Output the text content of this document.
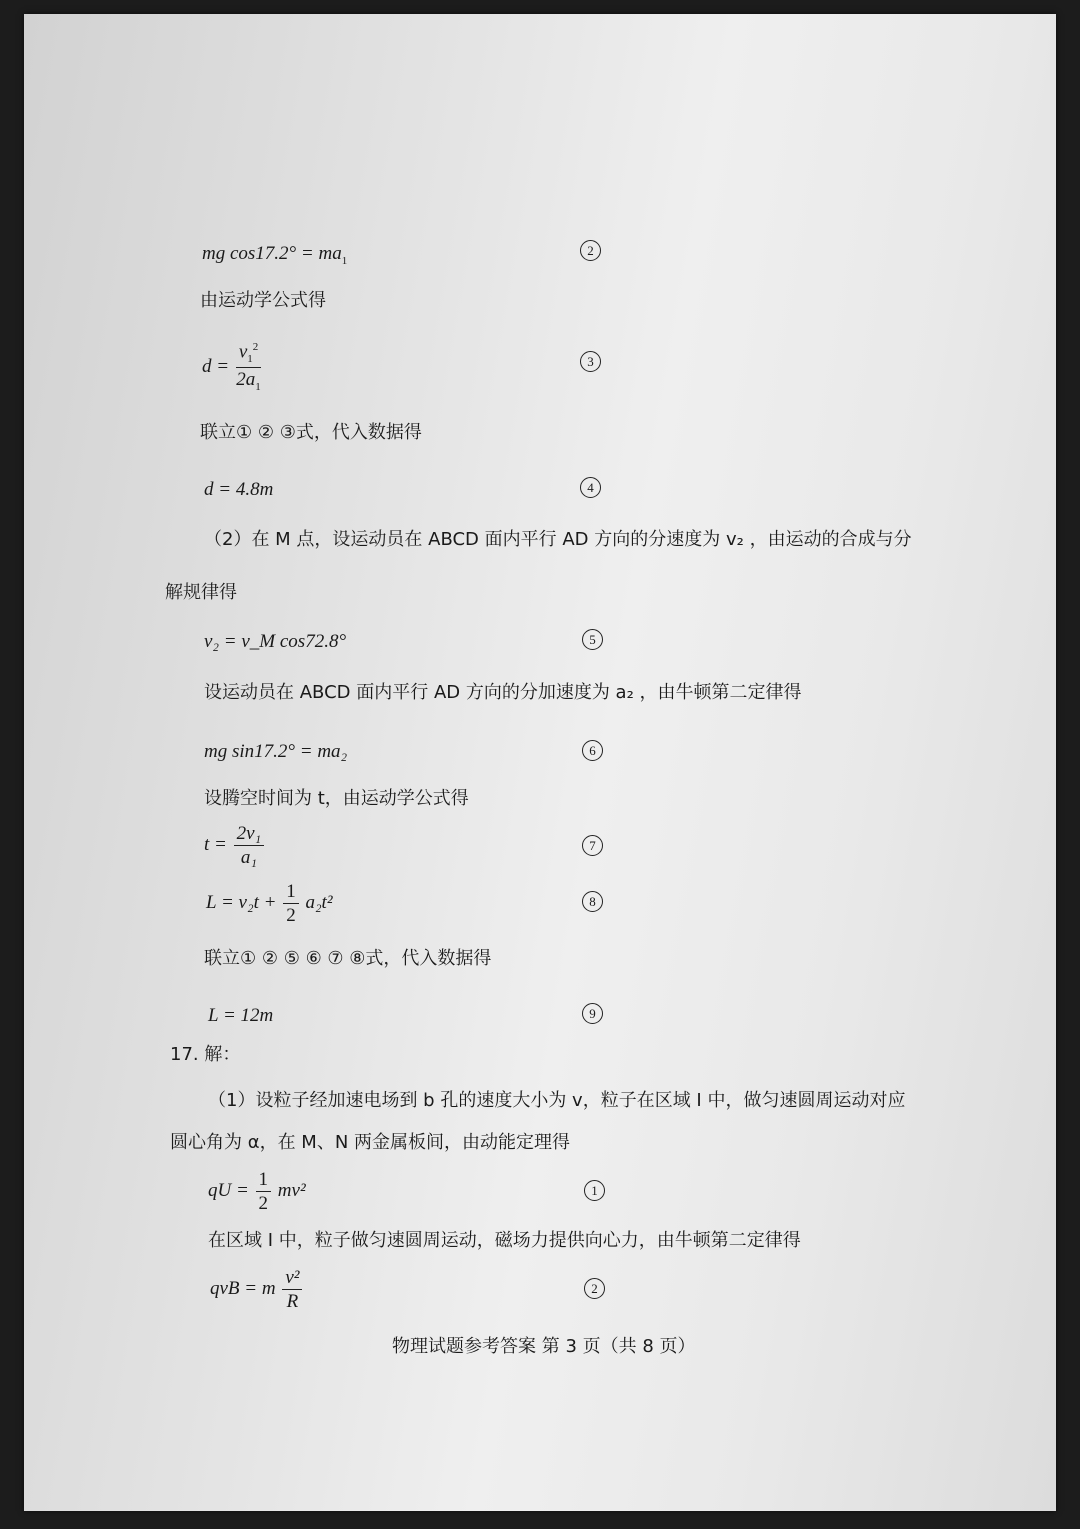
mg $\cos 17.2^\circ = ma_1$
2
由运动学公式得
$d = \frac{v_1^2}{2a_1}$	3
联立① ② ③式，代入数据得
d = 4.8m	4
（2）在 M 点，设运动员在 ABCD 面内平行 AD 方向的分速度为 v₂ ，由运动的合成与分
解规律得
v₂ = v_M cos72.8°	5
设运动员在 ABCD 面内平行 AD 方向的分加速度为 a₂ ，由牛顿第二定律得
mg sin17.2° = ma₂	6
设腾空时间为 t，由运动学公式得
$t = \frac{\text{2v₁}}{\text{a₁}}$	7
$L = v_2t + \frac{1}{2} a_2t^2$	8
联立① ② ⑤ ⑥ ⑦ ⑧式，代入数据得
L = 12m	9
17. 解：
（1）设粒子经加速电场到 b 孔的速度大小为 v，粒子在区域 I 中，做匀速圆周运动对应
圆心角为 α，在 M、N 两金属板间，由动能定理得
qU = $\frac{1}{2} mv^2$	1
在区域 I 中，粒子做匀速圆周运动，磁场力提供向心力，由牛顿第二定律得
qvB = m $\frac{\text{v²}}{R}$	2
物理试题参考答案 第 3 页（共 8 页）
